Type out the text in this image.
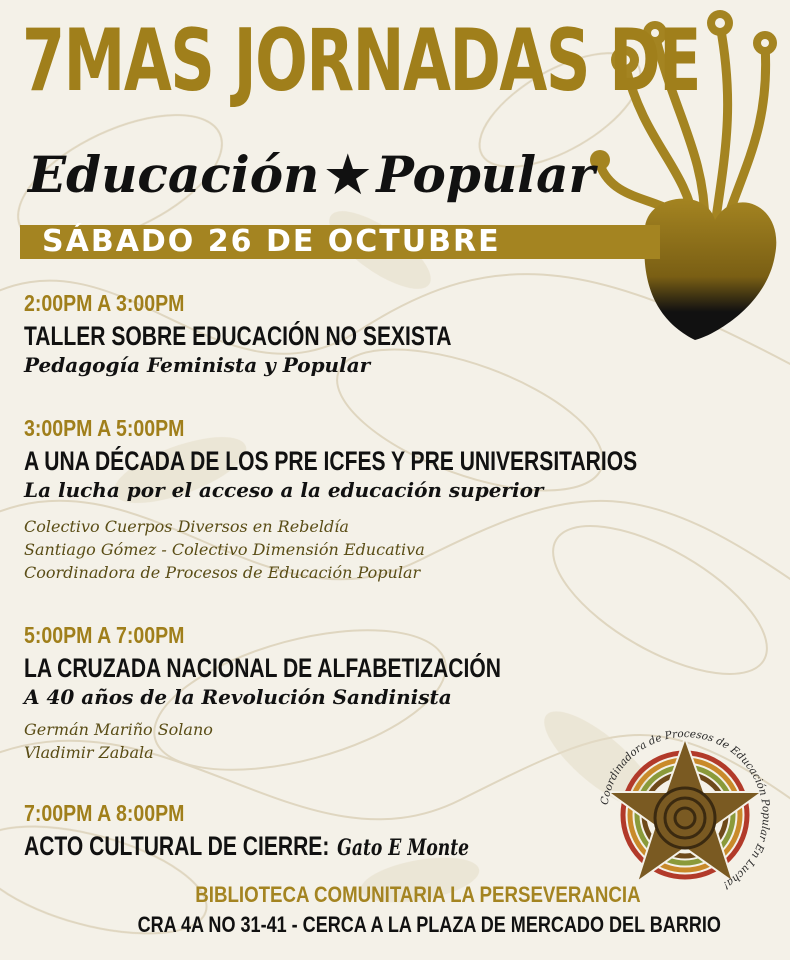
7MAS JORNADAS DE
Educación ★ Popular
SÁBADO 26 DE OCTUBRE
2:00PM A 3:00PM
TALLER SOBRE EDUCACIÓN NO SEXISTA
Pedagogía Feminista y Popular
3:00PM A 5:00PM
A UNA DÉCADA DE LOS PRE ICFES Y PRE UNIVERSITARIOS
La lucha por el acceso a la educación superior
Colectivo Cuerpos Diversos en Rebeldía
Santiago Gómez - Colectivo Dimensión Educativa
Coordinadora de Procesos de Educación Popular
5:00PM A 7:00PM
LA CRUZADA NACIONAL DE ALFABETIZACIÓN
A 40 años de la Revolución Sandinista
Germán Mariño Solano
Vladimir Zabala
7:00PM A 8:00PM
ACTO CULTURAL DE CIERRE: Gato E Monte
Coordinadora de Procesos de Educación Popular En Lucha!
BIBLIOTECA COMUNITARIA LA PERSEVERANCIA
CRA 4A NO 31-41 - CERCA A LA PLAZA DE MERCADO DEL BARRIO
